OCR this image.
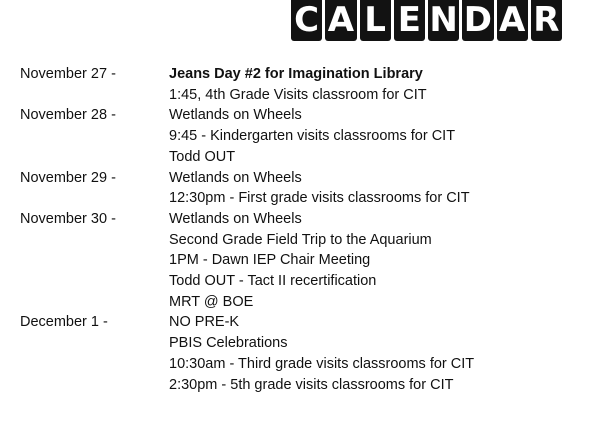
C A L E N D A R
November 27 -	Jeans Day #2 for Imagination Library
1:45, 4th Grade Visits classroom for CIT
November 28 -	Wetlands on Wheels
9:45 - Kindergarten visits classrooms for CIT
Todd OUT
November 29 -	Wetlands on Wheels
12:30pm - First grade visits classrooms for CIT
November 30 -	Wetlands on Wheels
Second Grade Field Trip to the Aquarium
1PM - Dawn IEP Chair Meeting
Todd OUT - Tact II recertification
MRT @ BOE
December 1 -	NO PRE-K
PBIS Celebrations
10:30am - Third grade visits classrooms for CIT
2:30pm - 5th grade visits classrooms for CIT
